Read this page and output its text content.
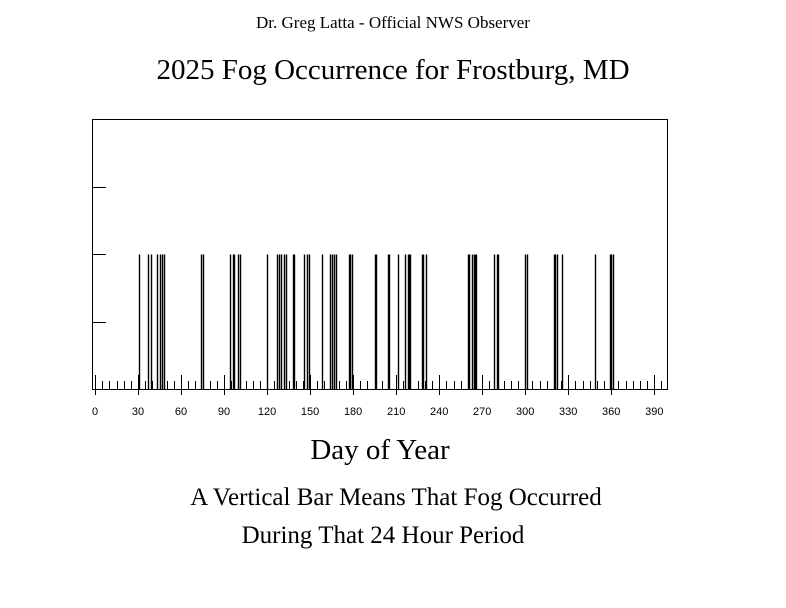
Dr. Greg Latta - Official NWS Observer
2025 Fog Occurrence for Frostburg, MD
0	30	60	90	120 150 180 210 240 270 300 330 360 390
Day of Year
A Vertical Bar Means That Fog Occurred
During That 24 Hour Period
